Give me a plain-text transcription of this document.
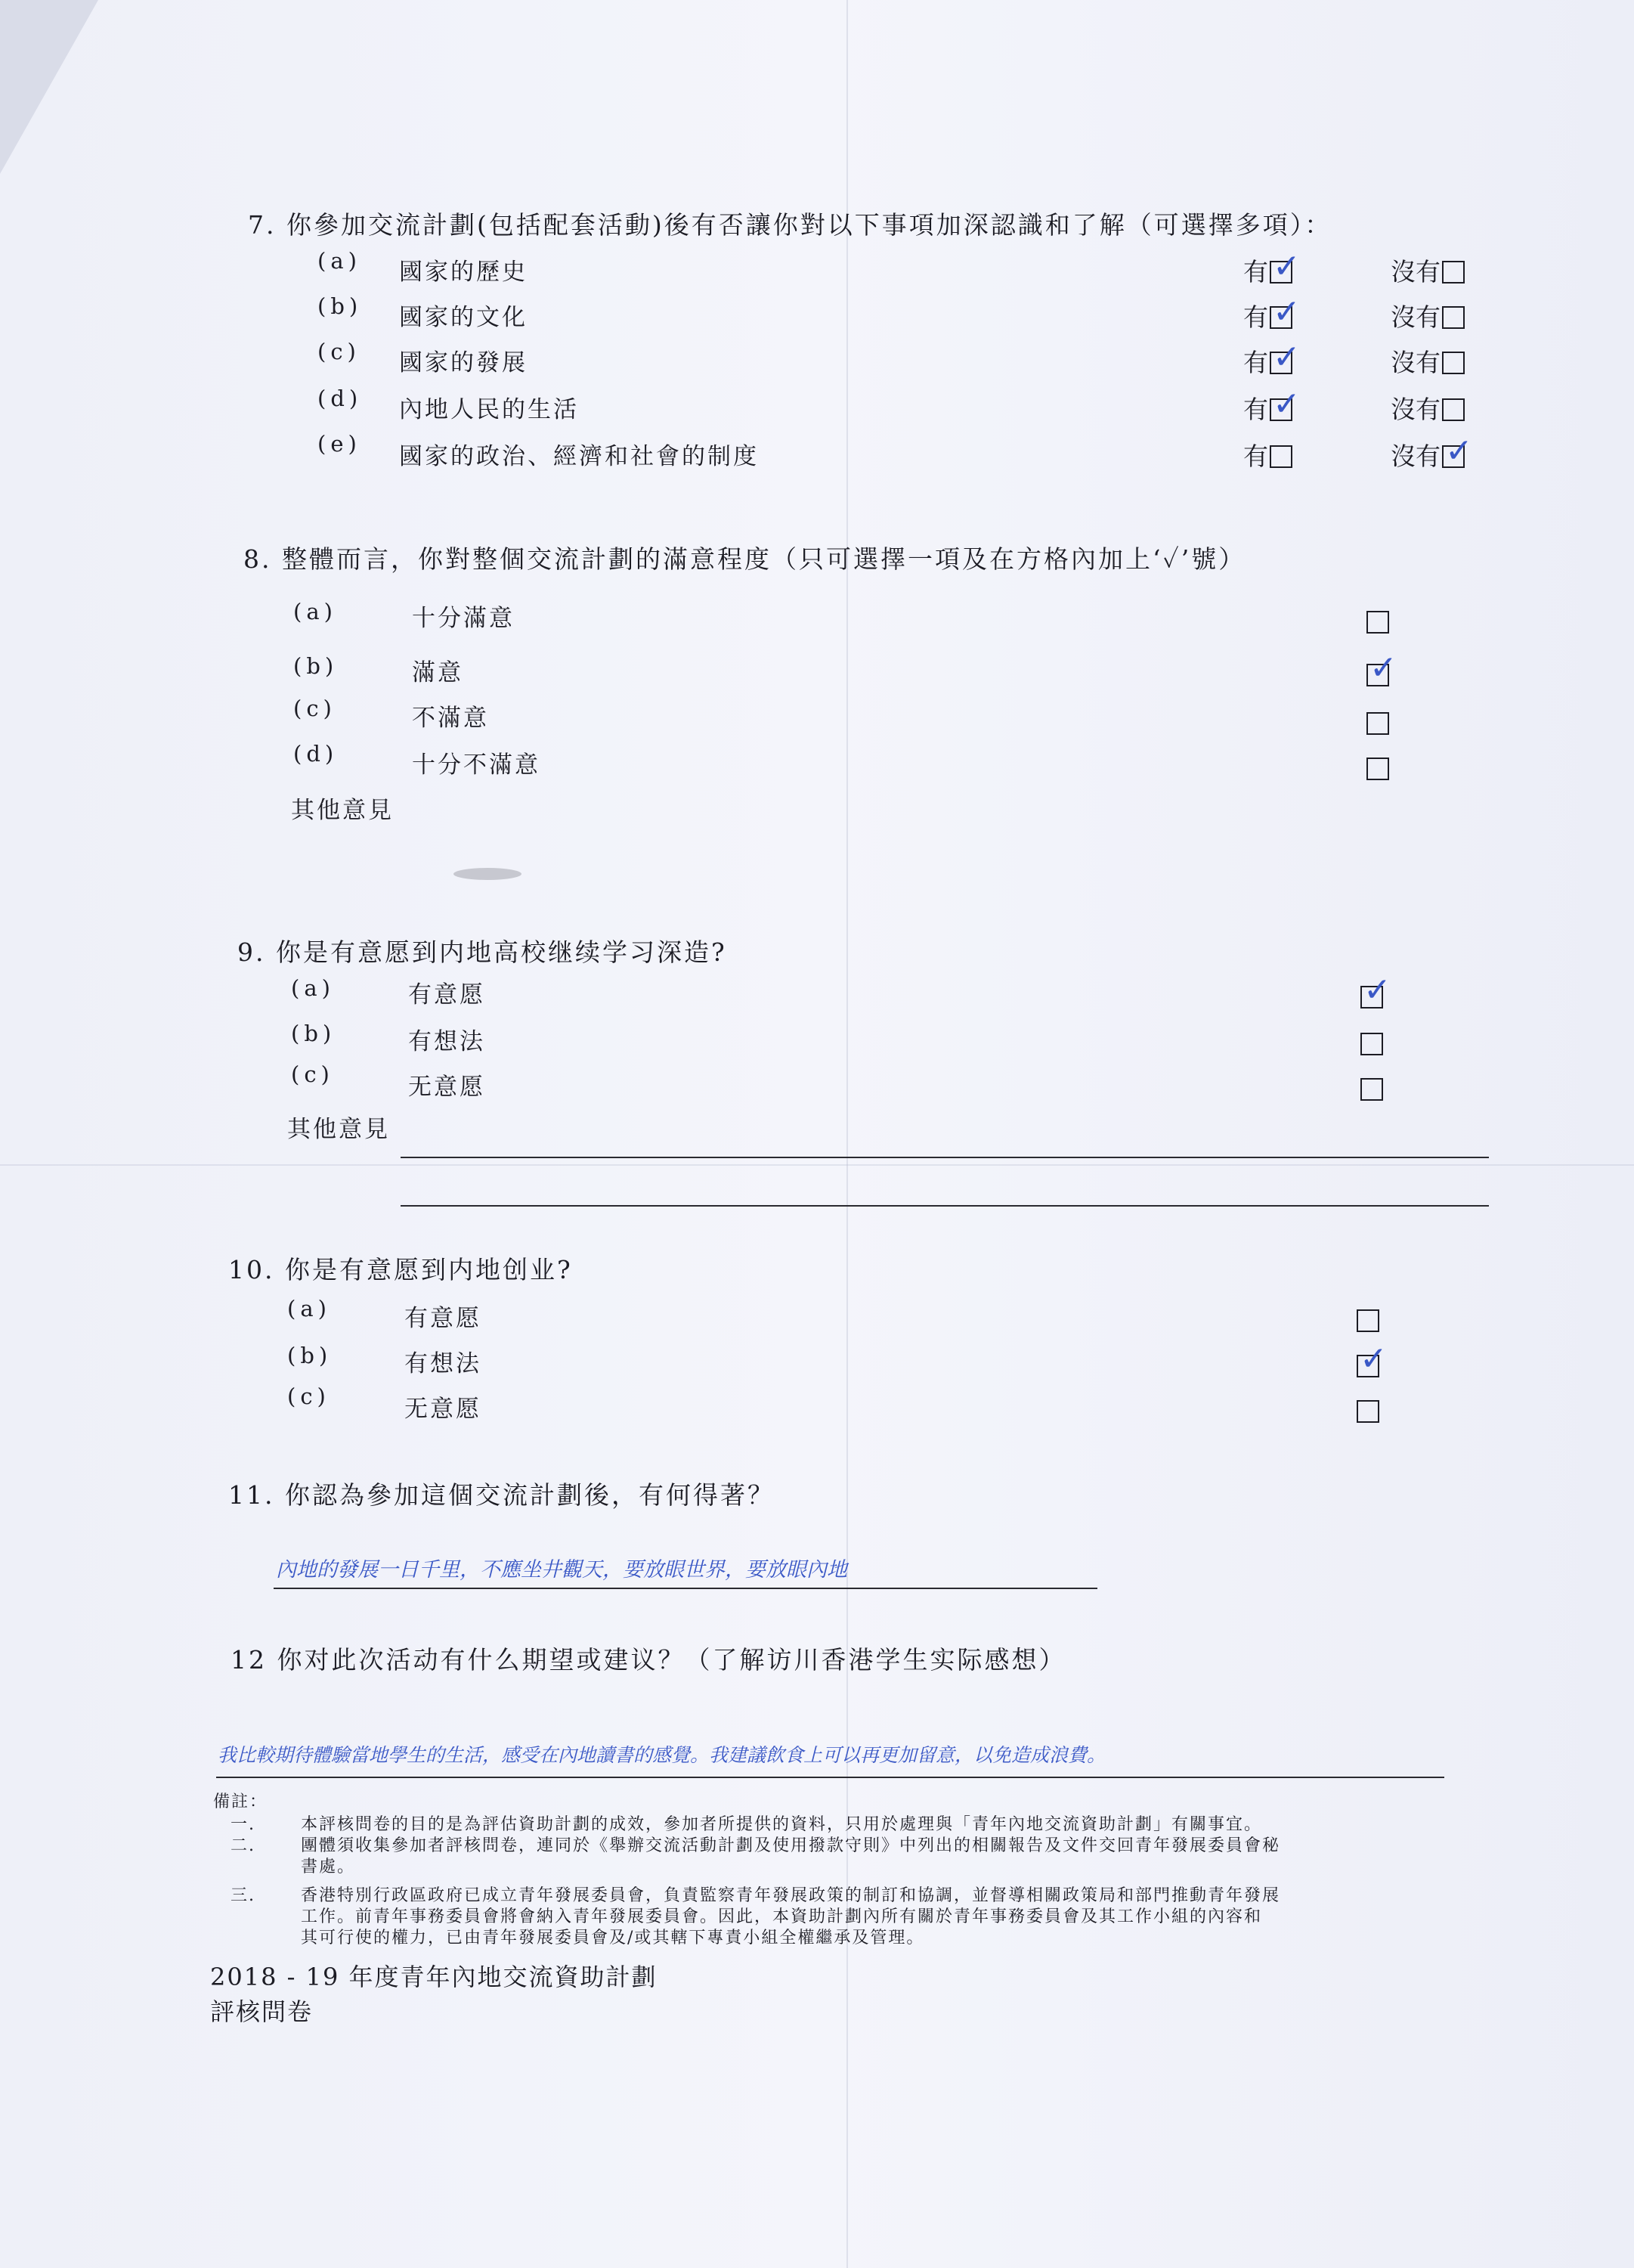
7. 你參加交流計劃(包括配套活動)後有否讓你對以下事項加深認識和了解（可選擇多項）：
(a) 國家的歷史	有 ✓	沒有
(b) 國家的文化	有 ✓	沒有
(c) 國家的發展	有 ✓	沒有
(d) 內地人民的生活	有 ✓	沒有
(e) 國家的政治、經濟和社會的制度	有	沒有 ✓
8. 整體而言，你對整個交流計劃的滿意程度（只可選擇一項及在方格內加上‘✓’號）
(a)	十分滿意
(b)	滿意	✓
(c)	不滿意
(d)	十分不滿意
其他意見
9. 你是有意愿到内地高校继续学习深造?
(a)	有意愿	✓
(b)	有想法
(c)	无意愿
其他意見
10. 你是有意愿到内地创业?
(a)	有意愿
(b)	有想法	✓
(c)	无意愿
11. 你認為參加這個交流計劃後，有何得著？
內地的發展一日千里，不應坐井觀天，要放眼世界，要放眼內地
12 你对此次活动有什么期望或建议？（了解访川香港学生实际感想）
我比較期待體驗當地學生的生活，感受在內地讀書的感覺。我建議飲食上可以再更加留意，以免造成浪費。
備註：
一.	本評核問卷的目的是為評估資助計劃的成效，參加者所提供的資料，只用於處理與「青年內地交流資助計劃」有關事宜。
二.	團體須收集參加者評核問卷，連同於《舉辦交流活動計劃及使用撥款守則》中列出的相關報告及文件交回青年發展委員會秘
書處。
三.	香港特別行政區政府已成立青年發展委員會，負責監察青年發展政策的制訂和協調，並督導相關政策局和部門推動青年發展
工作。前青年事務委員會將會納入青年發展委員會。因此，本資助計劃內所有關於青年事務委員會及其工作小組的內容和
其可行使的權力，已由青年發展委員會及/或其轄下專責小組全權繼承及管理。
2018 - 19 年度青年內地交流資助計劃
評核問卷
